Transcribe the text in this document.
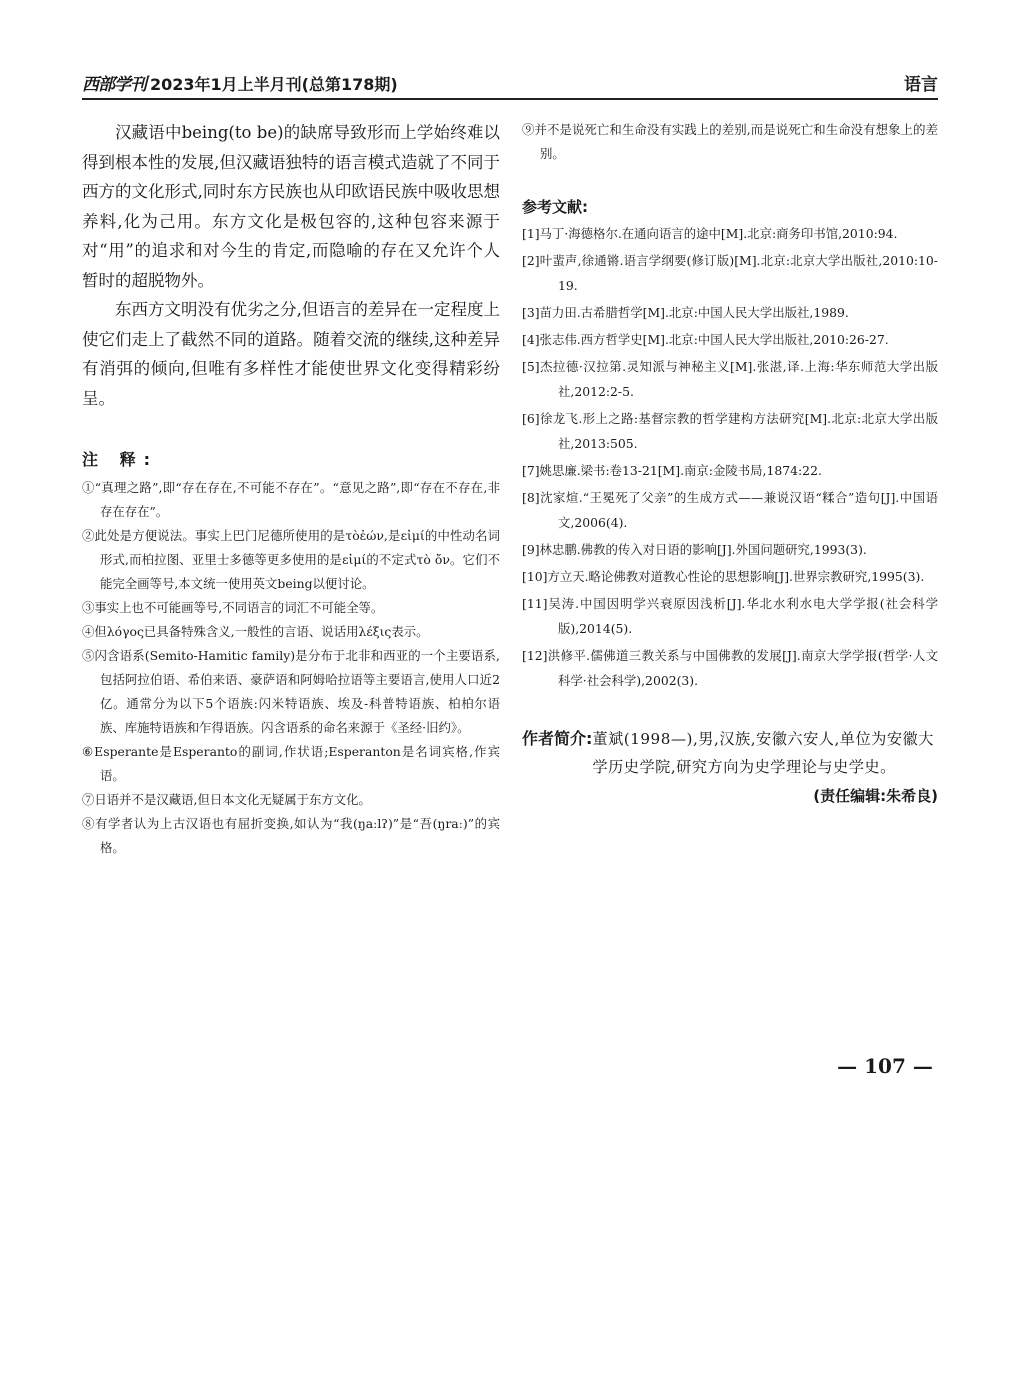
西部学刊 2023年1月上半月刊(总第178期)	语言

汉藏语中being(to be)的缺席导致形而上学始终难以得到根本性的发展,但汉藏语独特的语言模式造就了不同于西方的文化形式,同时东方民族也从印欧语民族中吸收思想养料,化为己用。东方文化是极包容的,这种包容来源于对“用”的追求和对今生的肯定,而隐喻的存在又允许个人暂时的超脱物外。

东西方文明没有优劣之分,但语言的差异在一定程度上使它们走上了截然不同的道路。随着交流的继续,这种差异有消弭的倾向,但唯有多样性才能使世界文化变得精彩纷呈。

注 释:

①“真理之路”,即“存在存在,不可能不存在”。“意见之路”,即“存在不存在,非存在存在”。

②此处是方便说法。事实上巴门尼德所使用的是τὸἐών,是εἰμί的中性动名词形式,而柏拉图、亚里士多德等更多使用的是εἰμί的不定式τὸ ὄν。它们不能完全画等号,本文统一使用英文being以便讨论。

③事实上也不可能画等号,不同语言的词汇不可能全等。

④但λόγος已具备特殊含义,一般性的言语、说话用λέξις表示。

⑤闪含语系(Semito-Hamitic family)是分布于北非和西亚的一个主要语系,包括阿拉伯语、希伯来语、豪萨语和阿姆哈拉语等主要语言,使用人口近2亿。通常分为以下5个语族:闪米特语族、埃及-科普特语族、柏柏尔语族、库施特语族和乍得语族。闪含语系的命名来源于《圣经·旧约》。

⑥Esperante是Esperanto的副词,作状语;Esperanton是名词宾格,作宾语。

⑦日语并不是汉藏语,但日本文化无疑属于东方文化。

⑧有学者认为上古汉语也有屈折变换,如认为“我(ŋaːlʔ)”是“吾(ŋraː)”的宾格。

⑨并不是说死亡和生命没有实践上的差别,而是说死亡和生命没有想象上的差别。

参考文献:

[1]马丁·海德格尔.在通向语言的途中[M].北京:商务印书馆,2010:94.

[2]叶蜚声,徐通锵.语言学纲要(修订版)[M].北京:北京大学出版社,2010:10-19.

[3]苗力田.古希腊哲学[M].北京:中国人民大学出版社,1989.

[4]张志伟.西方哲学史[M].北京:中国人民大学出版社,2010:26-27.

[5]杰拉德·汉拉第.灵知派与神秘主义[M].张湛,译.上海:华东师范大学出版社,2012:2-5.

[6]徐龙飞.形上之路:基督宗教的哲学建构方法研究[M].北京:北京大学出版社,2013:505.

[7]姚思廉.梁书:卷13-21[M].南京:金陵书局,1874:22.

[8]沈家煊.“王冕死了父亲”的生成方式——兼说汉语“糅合”造句[J].中国语文,2006(4).

[9]林忠鹏.佛教的传入对日语的影响[J].外国问题研究,1993(3).

[10]方立天.略论佛教对道教心性论的思想影响[J].世界宗教研究,1995(3).

[11]吴涛.中国因明学兴衰原因浅析[J].华北水利水电大学学报(社会科学版),2014(5).

[12]洪修平.儒佛道三教关系与中国佛教的发展[J].南京大学学报(哲学·人文科学·社会科学),2002(3).

作者简介: 董斌(1998—),男,汉族,安徽六安人,单位为安徽大学历史学院,研究方向为史学理论与史学史。
(责任编辑:朱希良)
— 107 —
